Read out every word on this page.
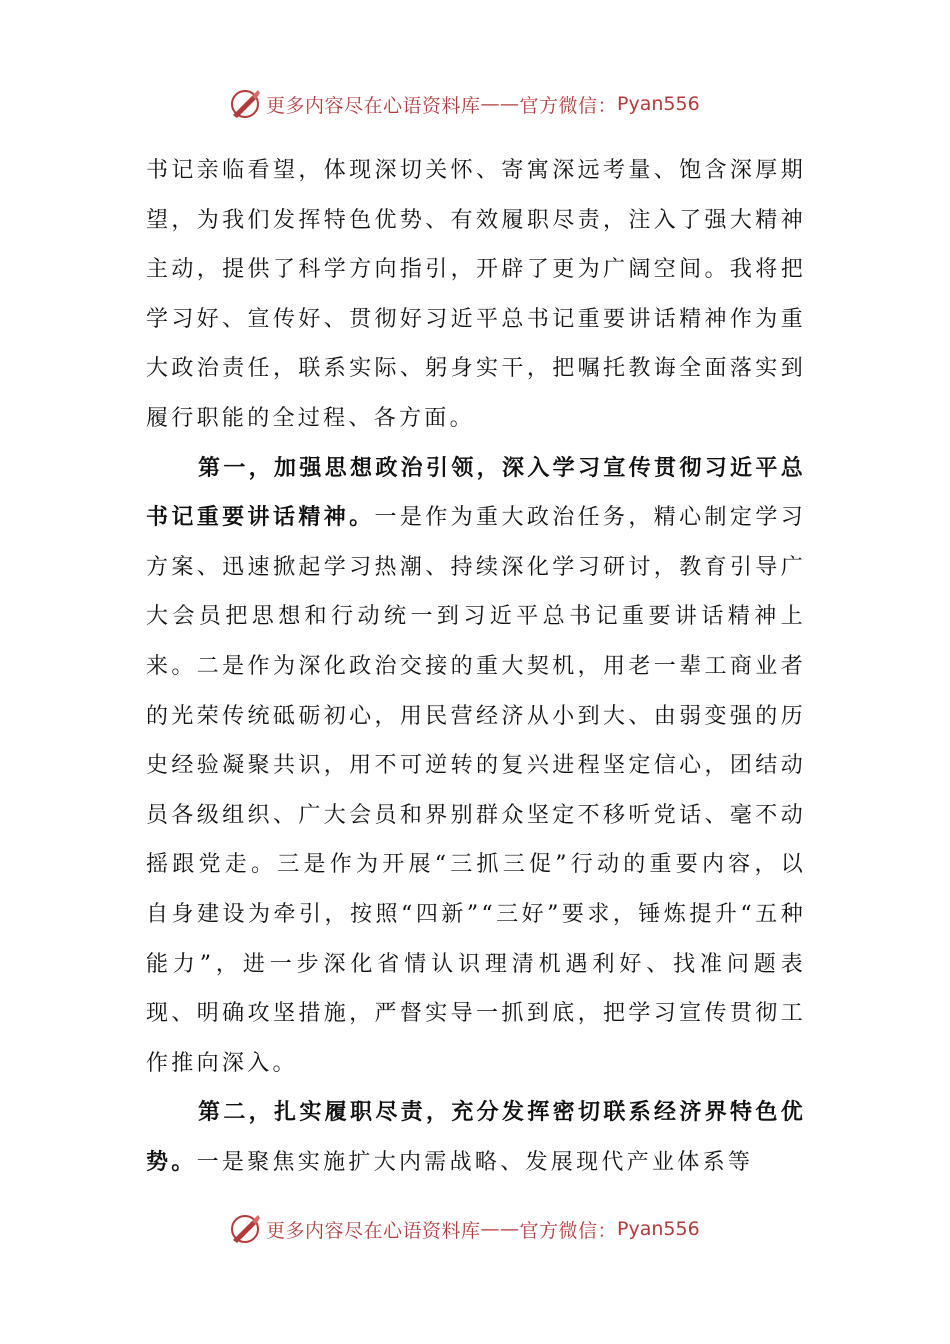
更多内容尽在心语资料库 —— 官方微信： Pyan556

书记亲临看望，体现深切关怀、寄寓深远考量、饱含深厚期望，为我们发挥特色优势、有效履职尽责，注入了强大精神主动，提供了科学方向指引，开辟了更为广阔空间。我将把学习好、宣传好、贯彻好习近平总书记重要讲话精神作为重大政治责任，联系实际、躬身实干，把嘱托教诲全面落实到履行职能的全过程、各方面。

第一，加强思想政治引领，深入学习宣传贯彻习近平总书记重要讲话精神。一是作为重大政治任务，精心制定学习方案、迅速掀起学习热潮、持续深化学习研讨，教育引导广大会员把思想和行动统一到习近平总书记重要讲话精神上来。二是作为深化政治交接的重大契机，用老一辈工商业者的光荣传统砥砺初心，用民营经济从小到大、由弱变强的历史经验凝聚共识，用不可逆转的复兴进程坚定信心，团结动员各级组织、广大会员和界别群众坚定不移听党话、毫不动摇跟党走。三是作为开展“三抓三促”行动的重要内容，以自身建设为牵引，按照“四新”“三好”要求，锤炼提升“五种能力”，进一步深化省情认识理清机遇利好、找准问题表现、明确攻坚措施，严督实导一抓到底，把学习宣传贯彻工作推向深入。

第二，扎实履职尽责，充分发挥密切联系经济界特色优势。一是聚焦实施扩大内需战略、发展现代产业体系等

更多内容尽在心语资料库 —— 官方微信： Pyan556
